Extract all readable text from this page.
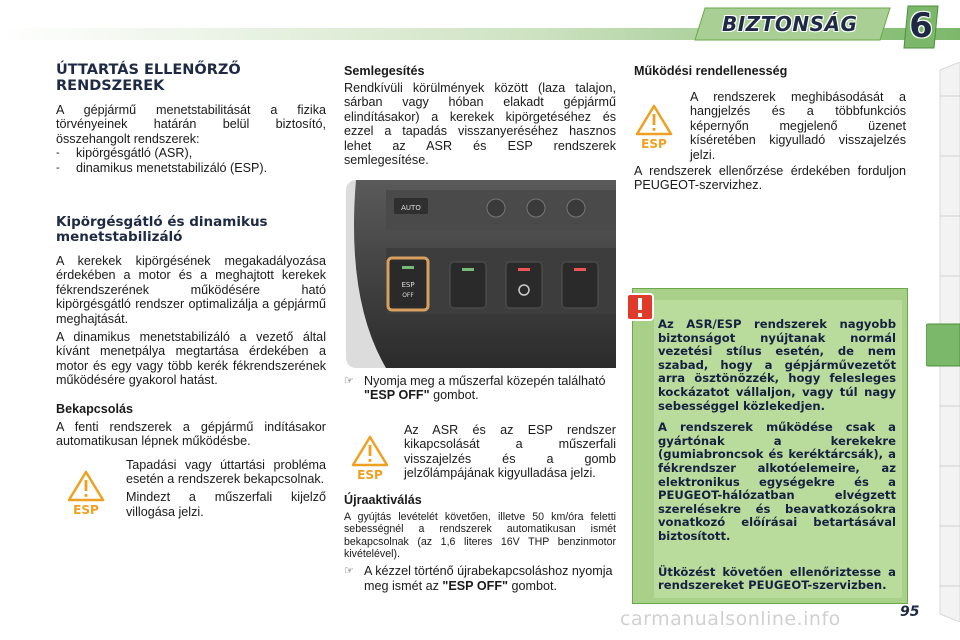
BIZTONSÁG	6
ÚTTARTÁS ELLENŐRZŐ RENDSZEREK

A gépjármű menetstabilitását a fizika törvényeinek határán belül biztosító, összehangolt rendszerek:

-	kipörgésgátló (ASR),
-	dinamikus menetstabilizáló (ESP).
Kipörgésgátló és dinamikus menetstabilizáló

A kerekek kipörgésének megakadályozása érdekében a motor és a meghajtott kerekek fékrendszerének működésére ható kipörgésgátló rendszer optimalizálja a gépjármű meghajtását.

A dinamikus menetstabilizáló a vezető által kívánt menetpálya megtartása érdekében a motor és egy vagy több kerék fékrendszerének működésére gyakorol hatást.

Bekapcsolás

A fenti rendszerek a gépjármű indításakor automatikusan lépnek működésbe.

ESP

Tapadási vagy úttartási probléma esetén a rendszerek bekapcsolnak.

Mindezt a műszerfali kijelző villogása jelzi.

Semlegesítés

Rendkívüli körülmények között (laza talajon, sárban vagy hóban elakadt gépjármű elindításakor) a kerekek kipörgetéséhez és ezzel a tapadás visszanyeréséhez hasznos lehet az ASR és ESP rendszerek semlegesítése.

AUTO
ESP
OFF
☞ Nyomja meg a műszerfal közepén található "ESP OFF" gombot.
ESP

Az ASR és az ESP rendszer kikapcsolását a műszerfali visszajelzés és a gomb jelzőlámpájának kigyulladása jelzi.

Újraaktiválás

A gyújtás levételét követően, illetve 50 km/óra feletti sebességnél a rendszerek automatikusan ismét bekapcsolnak (az 1,6 literes 16V THP benzinmotor kivételével).

☞ A kézzel történő újrabekapcsoláshoz nyomja meg ismét az "ESP OFF" gombot.
Működési rendellenesség
ESP

A rendszerek meghibásodását a hangjelzés és a többfunkciós képernyőn megjelenő üzenet kíséretében kigyulladó visszajelzés jelzi.

A rendszerek ellenőrzése érdekében forduljon PEUGEOT-szervizhez.

Az ASR/ESP rendszerek nagyobb biztonságot nyújtanak normál vezetési stílus esetén, de nem szabad, hogy a gépjárművezetőt arra ösztönözzék, hogy felesleges kockázatot vállaljon, vagy túl nagy sebességgel közlekedjen.

A rendszerek működése csak a gyártónak a kerekekre (gumiabroncsok és keréktárcsák), a fékrendszer alkotóelemeire, az elektronikus egységekre és a PEUGEOT-hálózatban elvégzett szerelésekre és beavatkozásokra vonatkozó előírásai betartásával biztosított.

Ütközést követően ellenőriztesse a rendszereket PEUGEOT-szervizben.

carmanualsonline.info	95
